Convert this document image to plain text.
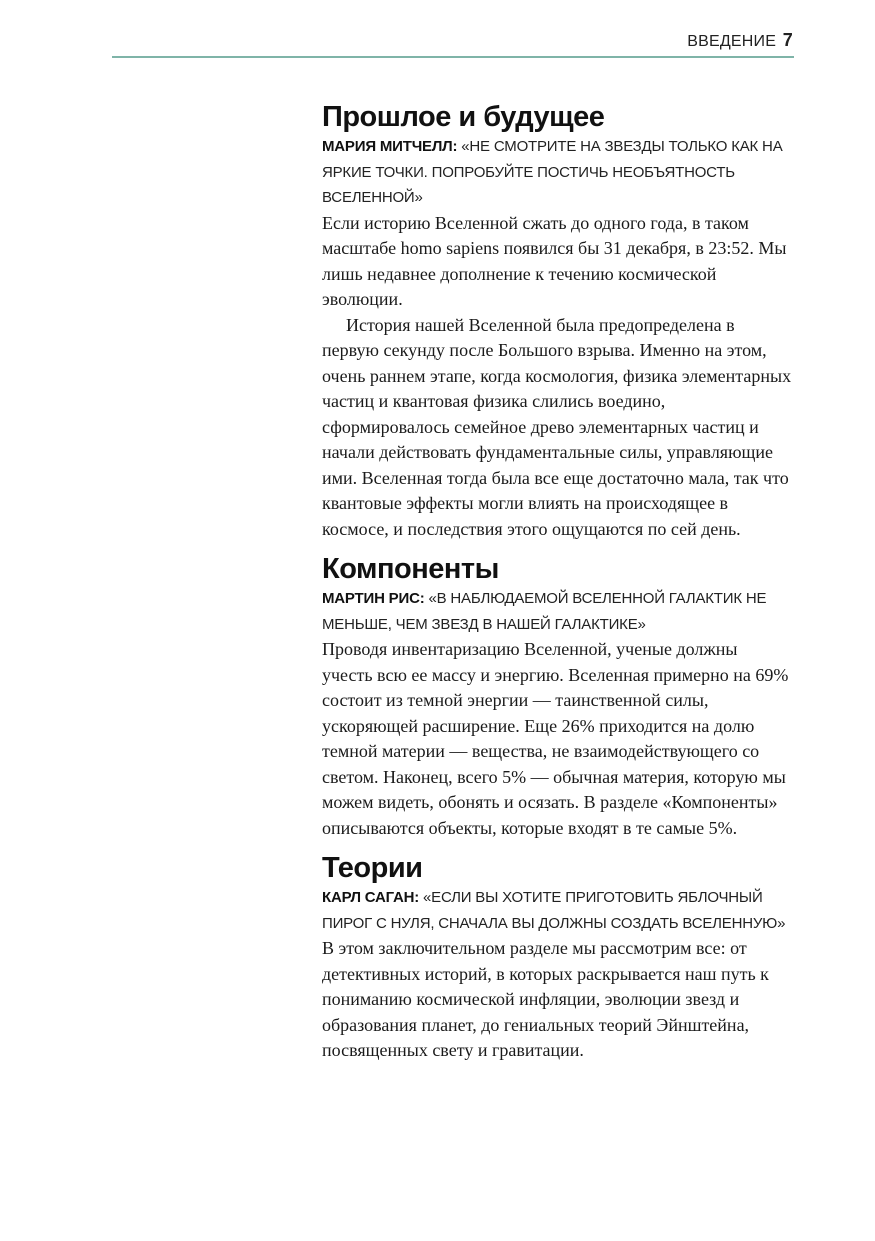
ВВЕДЕНИЕ 7
Прошлое и будущее

МАРИЯ МИТЧЕЛЛ: «НЕ СМОТРИТЕ НА ЗВЕЗДЫ ТОЛЬКО КАК НА ЯРКИЕ ТОЧКИ. ПОПРОБУЙТЕ ПОСТИЧЬ НЕОБЪЯТНОСТЬ ВСЕЛЕННОЙ»

Если историю Вселенной сжать до одного года, в таком масштабе homo sapiens появился бы 31 декабря, в 23:52. Мы лишь недавнее дополнение к течению космической эволюции.

История нашей Вселенной была предопределена в первую секунду после Большого взрыва. Именно на этом, очень раннем этапе, когда космология, физика элементарных частиц и квантовая физика слились воедино, сформировалось семейное древо элементарных частиц и начали действовать фундаментальные силы, управляющие ими. Вселенная тогда была все еще достаточно мала, так что квантовые эффекты могли влиять на происходящее в космосе, и последствия этого ощущаются по сей день.

Компоненты

МАРТИН РИС: «В НАБЛЮДАЕМОЙ ВСЕЛЕННОЙ ГАЛАКТИК НЕ МЕНЬШЕ, ЧЕМ ЗВЕЗД В НАШЕЙ ГАЛАКТИКЕ»

Проводя инвентаризацию Вселенной, ученые должны учесть всю ее массу и энергию. Вселенная примерно на 69% состоит из темной энергии — таинственной силы, ускоряющей расширение. Еще 26% приходится на долю темной материи — вещества, не взаимодействующего со светом. Наконец, всего 5% — обычная материя, которую мы можем видеть, обонять и осязать. В разделе «Компоненты» описываются объекты, которые входят в те самые 5%.

Теории

КАРЛ САГАН: «ЕСЛИ ВЫ ХОТИТЕ ПРИГОТОВИТЬ ЯБЛОЧНЫЙ ПИРОГ С НУЛЯ, СНАЧАЛА ВЫ ДОЛЖНЫ СОЗДАТЬ ВСЕЛЕННУЮ»

В этом заключительном разделе мы рассмотрим все: от детективных историй, в которых раскрывается наш путь к пониманию космической инфляции, эволюции звезд и образования планет, до гениальных теорий Эйнштейна, посвященных свету и гравитации.
